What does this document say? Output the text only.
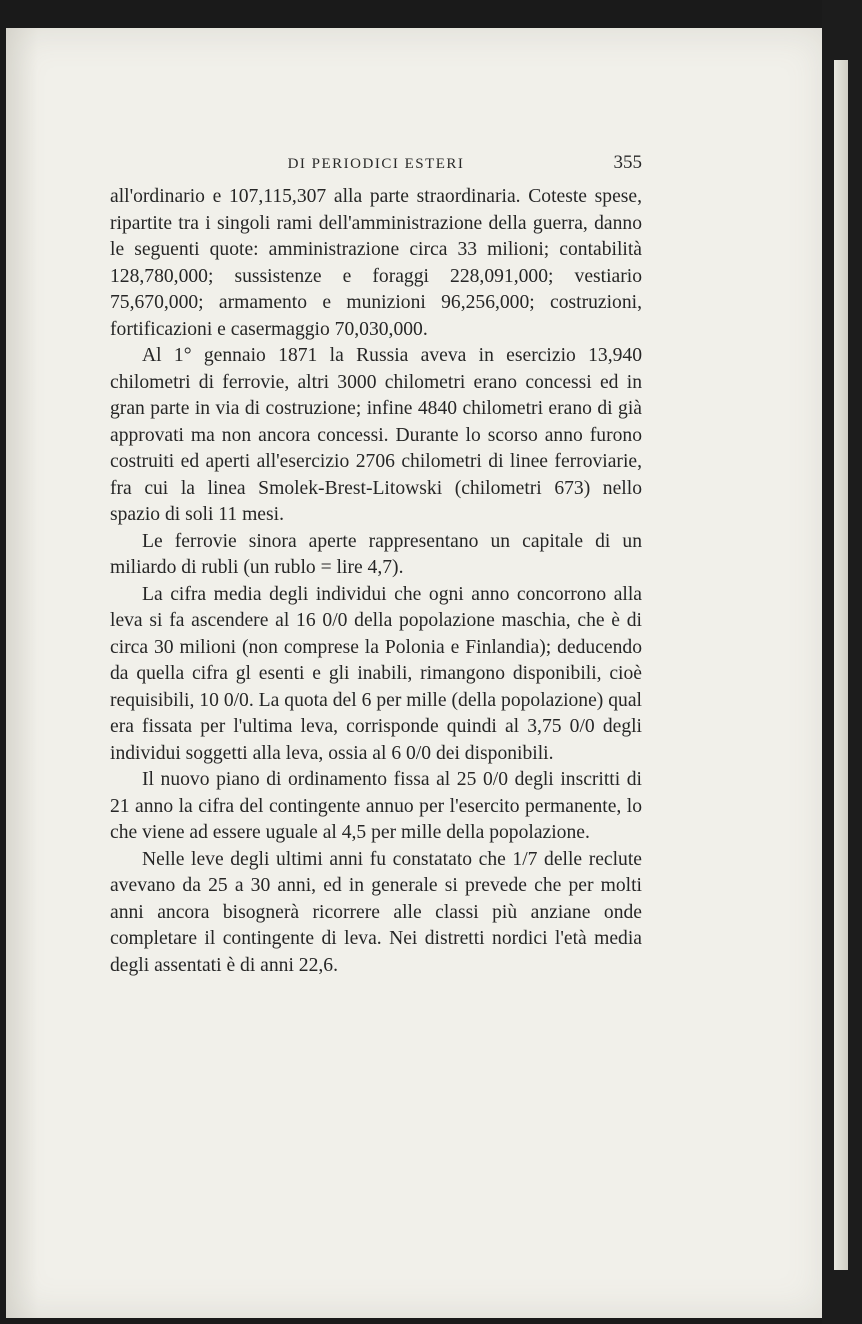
DI PERIODICI ESTERI	355

all'ordinario e 107,115,307 alla parte straordinaria. Coteste spese, ripartite tra i singoli rami dell'amministrazione della guerra, danno le seguenti quote: amministrazione circa 33 milioni; contabilità 128,780,000; sussistenze e foraggi 228,091,000; vestiario 75,670,000; armamento e munizioni 96,256,000; costruzioni, fortificazioni e casermaggio 70,030,000.

Al 1° gennaio 1871 la Russia aveva in esercizio 13,940 chilometri di ferrovie, altri 3000 chilometri erano concessi ed in gran parte in via di costruzione; infine 4840 chilometri erano di già approvati ma non ancora concessi. Durante lo scorso anno furono costruiti ed aperti all'esercizio 2706 chilometri di linee ferroviarie, fra cui la linea Smolek-Brest-Litowski (chilometri 673) nello spazio di soli 11 mesi.

Le ferrovie sinora aperte rappresentano un capitale di un miliardo di rubli (un rublo = lire 4,7).

La cifra media degli individui che ogni anno concorrono alla leva si fa ascendere al 16 0/0 della popolazione maschia, che è di circa 30 milioni (non comprese la Polonia e Finlandia); deducendo da quella cifra gl esenti e gli inabili, rimangono disponibili, cioè requisibili, 10 0/0. La quota del 6 per mille (della popolazione) qual era fissata per l'ultima leva, corrisponde quindi al 3,75 0/0 degli individui soggetti alla leva, ossia al 6 0/0 dei disponibili.

Il nuovo piano di ordinamento fissa al 25 0/0 degli inscritti di 21 anno la cifra del contingente annuo per l'esercito permanente, lo che viene ad essere uguale al 4,5 per mille della popolazione.

Nelle leve degli ultimi anni fu constatato che 1/7 delle reclute avevano da 25 a 30 anni, ed in generale si prevede che per molti anni ancora bisognerà ricorrere alle classi più anziane onde completare il contingente di leva. Nei distretti nordici l'età media degli assentati è di anni 22,6.
